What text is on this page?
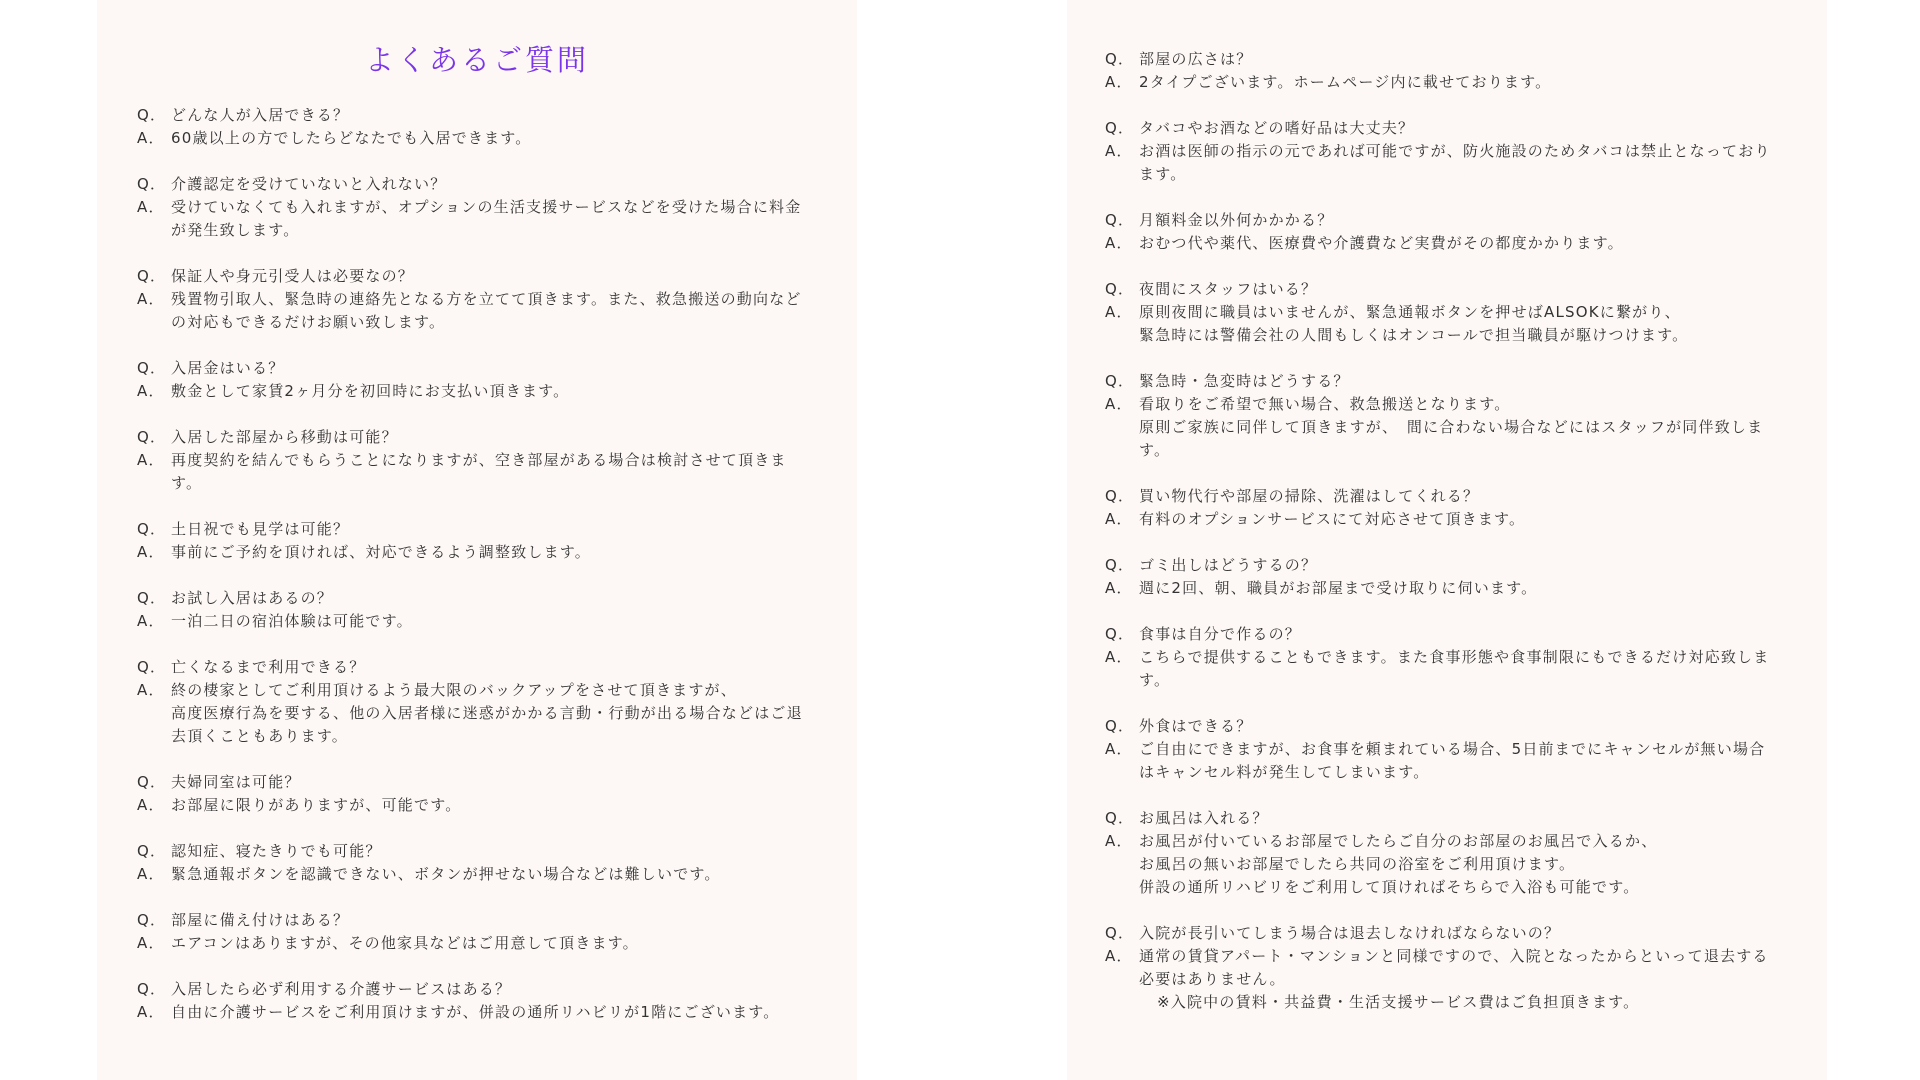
よくあるご質問
Q． どんな人が入居できる？
A． 60歳以上の方でしたらどなたでも入居できます。
Q． 介護認定を受けていないと入れない？
A． 受けていなくても入れますが、オプションの生活支援サービスなどを受けた場合に料金
が発生致します。
Q． 保証人や身元引受人は必要なの？
A． 残置物引取人、緊急時の連絡先となる方を立てて頂きます。また、救急搬送の動向など
の対応もできるだけお願い致します。
Q． 入居金はいる？
A． 敷金として家賃2ヶ月分を初回時にお支払い頂きます。
Q． 入居した部屋から移動は可能？
A． 再度契約を結んでもらうことになりますが、空き部屋がある場合は検討させて頂きま
す。
Q． 土日祝でも見学は可能？
A． 事前にご予約を頂ければ、対応できるよう調整致します。
Q． お試し入居はあるの？
A． 一泊二日の宿泊体験は可能です。
Q． 亡くなるまで利用できる？
A． 終の棲家としてご利用頂けるよう最大限のバックアップをさせて頂きますが、
高度医療行為を要する、他の入居者様に迷惑がかかる言動・行動が出る場合などはご退
去頂くこともあります。
Q． 夫婦同室は可能？
A． お部屋に限りがありますが、可能です。
Q． 認知症、寝たきりでも可能？
A． 緊急通報ボタンを認識できない、ボタンが押せない場合などは難しいです。
Q． 部屋に備え付けはある？
A． エアコンはありますが、その他家具などはご用意して頂きます。
Q． 入居したら必ず利用する介護サービスはある？
A． 自由に介護サービスをご利用頂けますが、併設の通所リハビリが1階にございます。
Q． 部屋の広さは？
A． 2タイプございます。ホームページ内に載せております。
Q． タバコやお酒などの嗜好品は大丈夫？
A． お酒は医師の指示の元であれば可能ですが、防火施設のためタバコは禁止となっており
ます。
Q． 月額料金以外何かかかる？
A． おむつ代や薬代、医療費や介護費など実費がその都度かかります。
Q． 夜間にスタッフはいる？
A． 原則夜間に職員はいませんが、緊急通報ボタンを押せばALSOKに繋がり、
緊急時には警備会社の人間もしくはオンコールで担当職員が駆けつけます。
Q． 緊急時・急変時はどうする？
A． 看取りをご希望で無い場合、救急搬送となります。
原則ご家族に同伴して頂きますが、　間に合わない場合などにはスタッフが同伴致しま
す。
Q． 買い物代行や部屋の掃除、洗濯はしてくれる？
A． 有料のオプションサービスにて対応させて頂きます。
Q． ゴミ出しはどうするの？
A． 週に2回、朝、職員がお部屋まで受け取りに伺います。
Q． 食事は自分で作るの？
A． こちらで提供することもできます。また食事形態や食事制限にもできるだけ対応致しま
す。
Q． 外食はできる？
A． ご自由にできますが、お食事を頼まれている場合、5日前までにキャンセルが無い場合
はキャンセル料が発生してしまいます。
Q． お風呂は入れる？
A． お風呂が付いているお部屋でしたらご自分のお部屋のお風呂で入るか、
お風呂の無いお部屋でしたら共同の浴室をご利用頂けます。
併設の通所リハビリをご利用して頂ければそちらで入浴も可能です。
Q． 入院が長引いてしまう場合は退去しなければならないの？
A． 通常の賃貸アパート・マンションと同様ですので、入院となったからといって退去する
必要はありません。
※入院中の賃料・共益費・生活支援サービス費はご負担頂きます。
